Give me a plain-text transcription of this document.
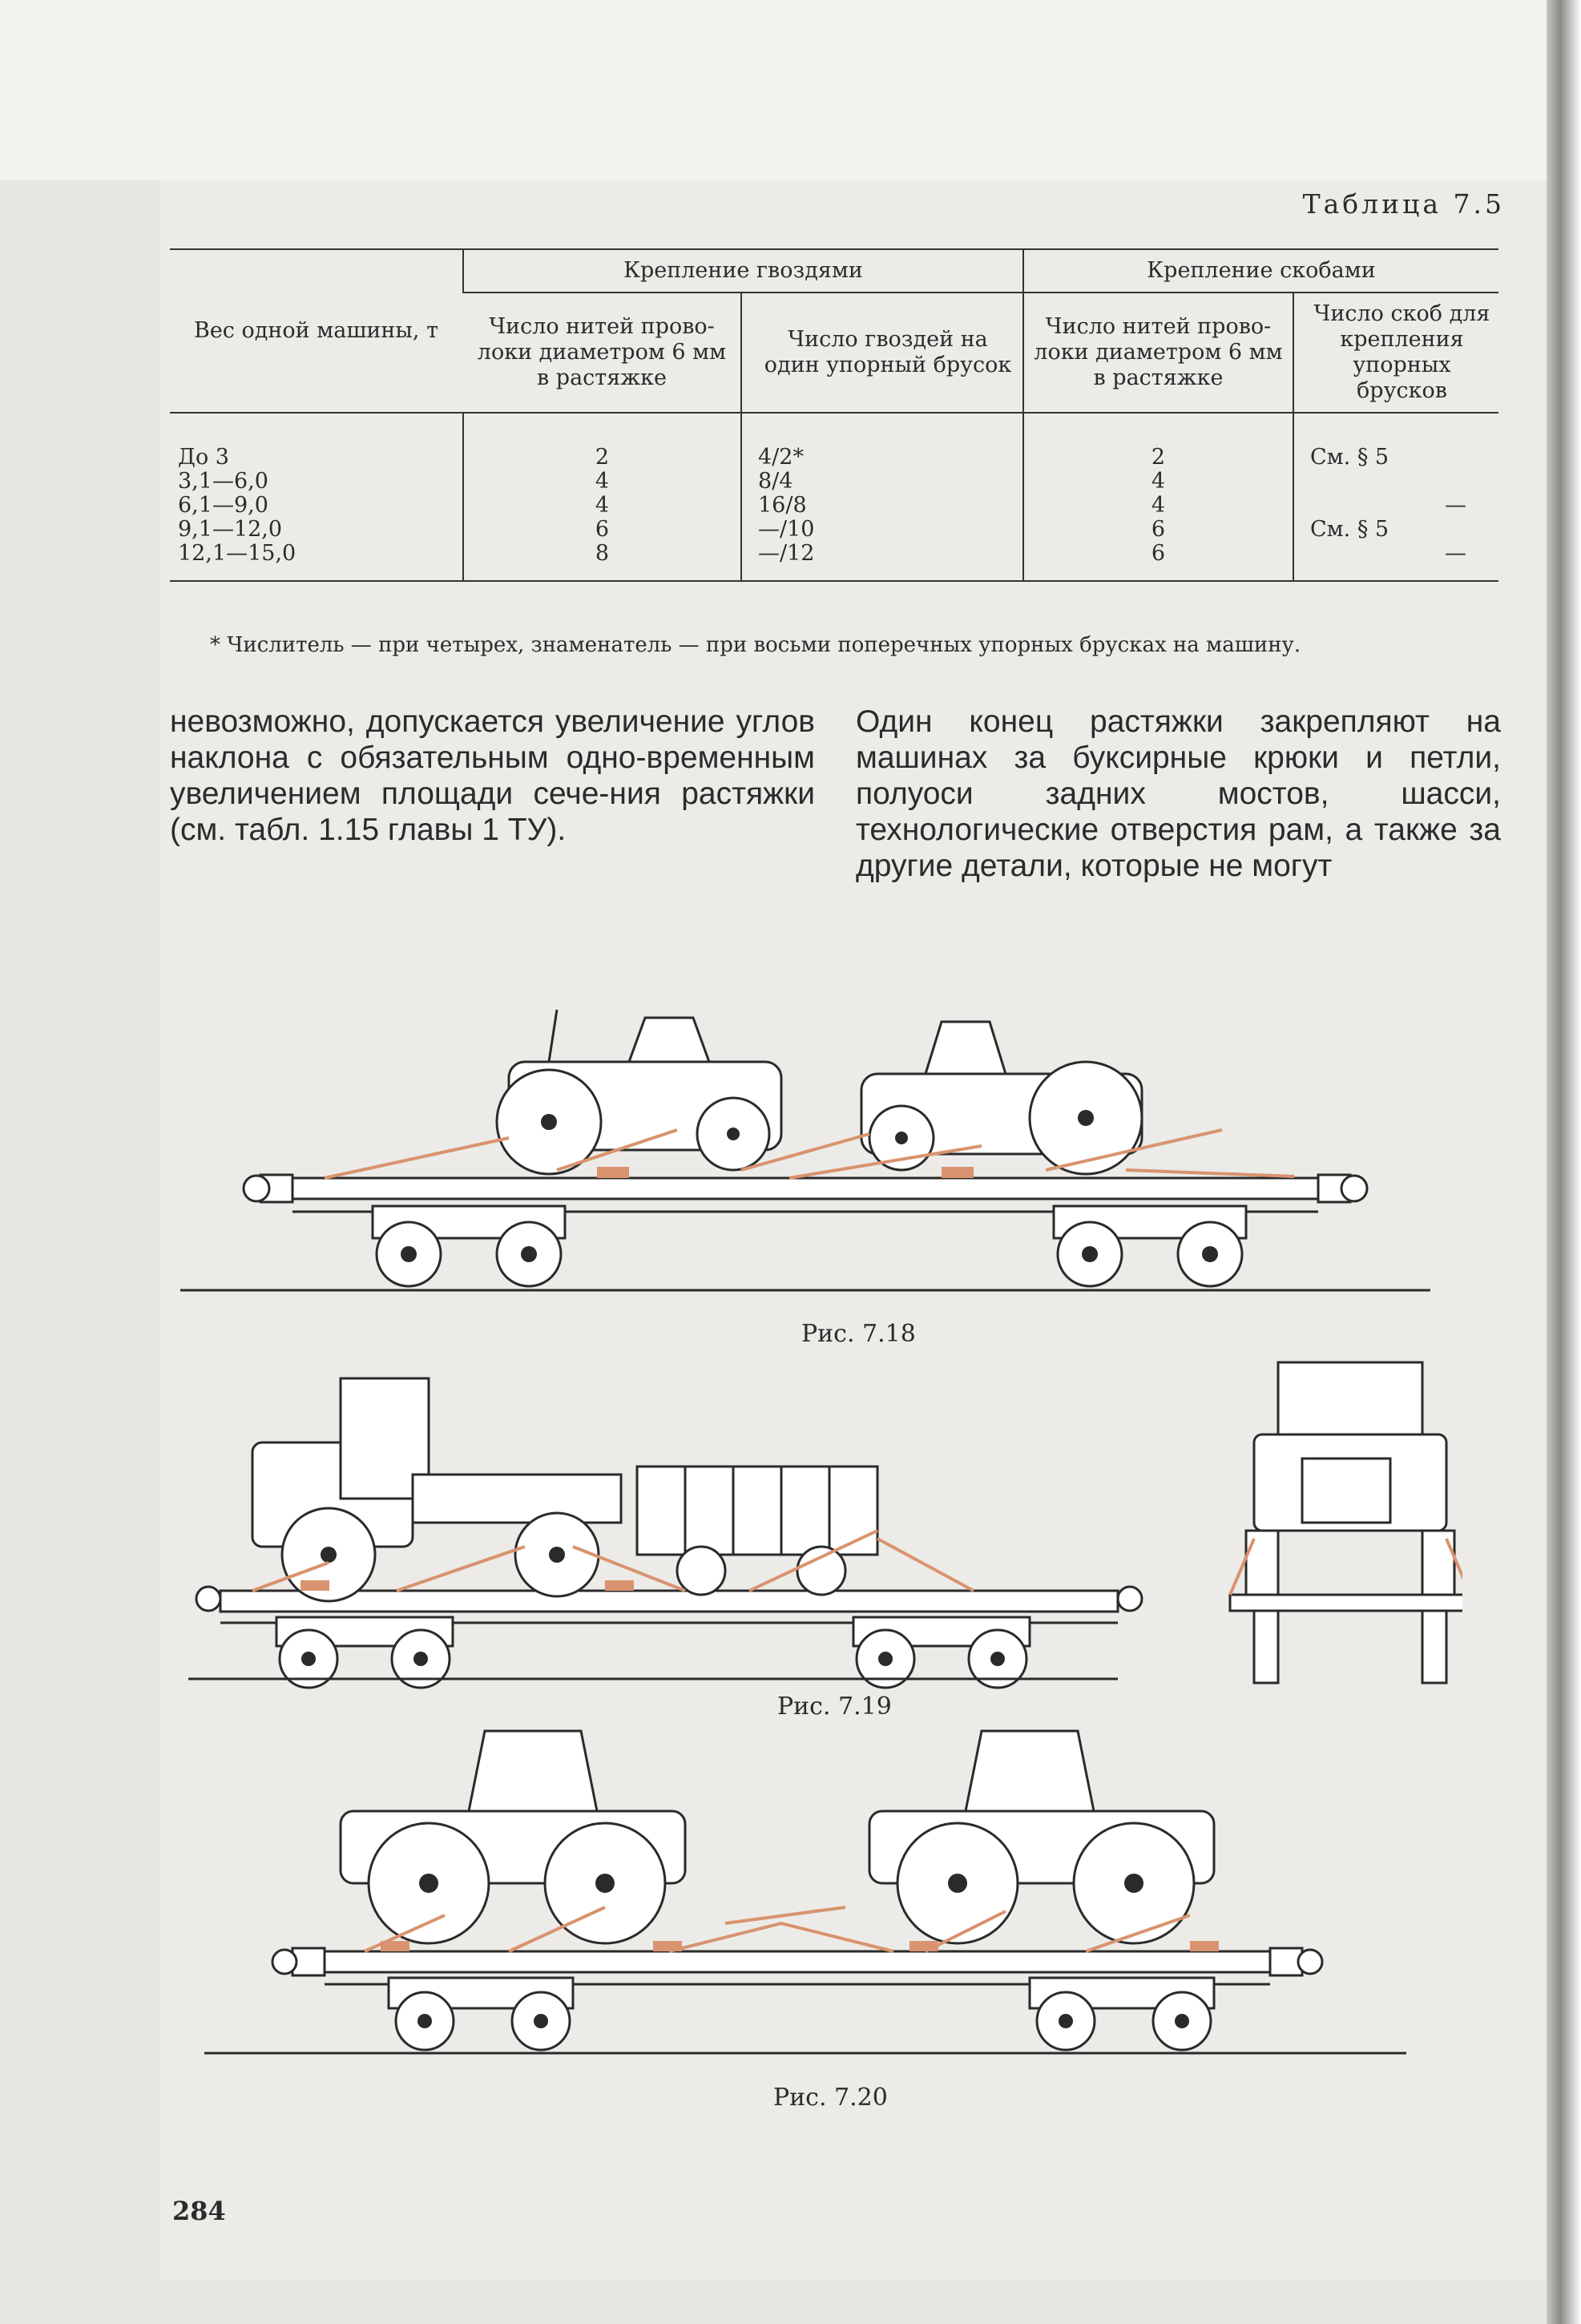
Таблица 7.5
Вес одной машины, т	Крепление гвоздями		Крепление скобами	
	Число нитей прово-локи диаметром 6 мм в растяжке	Число гвоздей на один упорный брусок	Число нитей прово-локи диаметром 6 мм в растяжке	Число скоб для крепления упорных брусков
До 3	2	4/2*	2	См. § 5
3,1—6,0	4	8/4	4	
6,1—9,0	4	16/8	4	—
9,1—12,0	6	—/10	6	См. § 5
12,1—15,0	8	—/12	6	—
* Числитель — при четырех, знаменатель — при восьми поперечных упорных брусках на машину.
невозможно, допускается увеличение углов наклона с обязательным одно-временным увеличением площади сече-ния растяжки (см. табл. 1.15 главы 1 ТУ).
Один конец растяжки закрепляют на машинах за буксирные крюки и петли, полуоси задних мостов, шасси, технологические отверстия рам, а также за другие детали, которые не могут
Рис. 7.18
Рис. 7.19
Рис. 7.20
284
